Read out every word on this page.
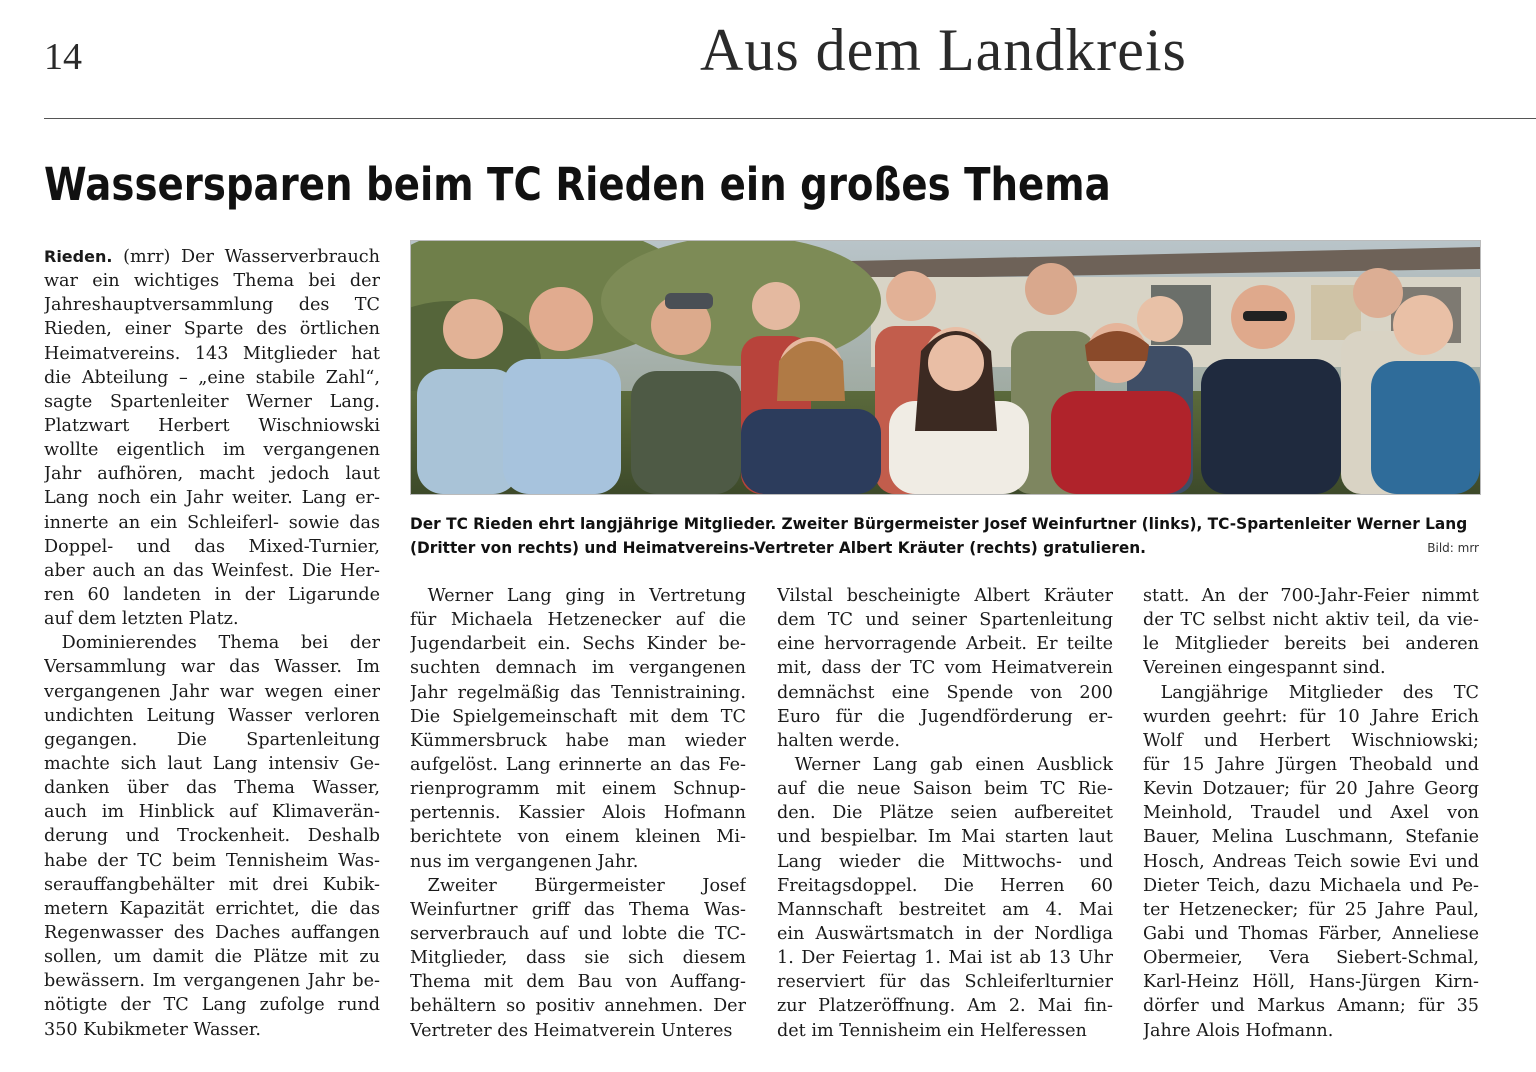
14	Aus dem Landkreis
Wassersparen beim TC Rieden ein großes Thema
Rieden. (mrr) Der Wasserverbrauch
war ein wichtiges Thema bei der
Jahreshauptversammlung des TC
Rieden, einer Sparte des örtlichen
Heimatvereins. 143 Mitglieder hat
die Abteilung – „eine stabile Zahl“,
sagte Spartenleiter Werner Lang.
Platzwart Herbert Wischniowski
wollte eigentlich im vergangenen
Jahr aufhören, macht jedoch laut
Lang noch ein Jahr weiter. Lang er-
innerte an ein Schleiferl- sowie das
Doppel- und das Mixed-Turnier,
aber auch an das Weinfest. Die Her-
ren 60 landeten in der Ligarunde
auf dem letzten Platz.
 Dominierendes Thema bei der
Versammlung war das Wasser. Im
vergangenen Jahr war wegen einer
undichten Leitung Wasser verloren
gegangen. Die Spartenleitung
machte sich laut Lang intensiv Ge-
danken über das Thema Wasser,
auch im Hinblick auf Klimaverän-
derung und Trockenheit. Deshalb
habe der TC beim Tennisheim Was-
serauffangbehälter mit drei Kubik-
metern Kapazität errichtet, die das
Regenwasser des Daches auffangen
sollen, um damit die Plätze mit zu
bewässern. Im vergangenen Jahr be-
nötigte der TC Lang zufolge rund
350 Kubikmeter Wasser.
 Werner Lang ging in Vertretung
für Michaela Hetzenecker auf die
Jugendarbeit ein. Sechs Kinder be-
suchten demnach im vergangenen
Jahr regelmäßig das Tennistraining.
Die Spielgemeinschaft mit dem TC
Kümmersbruck habe man wieder
aufgelöst. Lang erinnerte an das Fe-
rienprogramm mit einem Schnup-
pertennis. Kassier Alois Hofmann
berichtete von einem kleinen Mi-
nus im vergangenen Jahr.
 Zweiter Bürgermeister Josef
Weinfurtner griff das Thema Was-
serverbrauch auf und lobte die TC-
Mitglieder, dass sie sich diesem
Thema mit dem Bau von Auffang-
behältern so positiv annehmen. Der
Vertreter des Heimatverein Unteres
Vilstal bescheinigte Albert Kräuter
dem TC und seiner Spartenleitung
eine hervorragende Arbeit. Er teilte
mit, dass der TC vom Heimatverein
demnächst eine Spende von 200
Euro für die Jugendförderung er-
halten werde.
 Werner Lang gab einen Ausblick
auf die neue Saison beim TC Rie-
den. Die Plätze seien aufbereitet
und bespielbar. Im Mai starten laut
Lang wieder die Mittwochs- und
Freitagsdoppel. Die Herren 60
Mannschaft bestreitet am 4. Mai
ein Auswärtsmatch in der Nordliga
1. Der Feiertag 1. Mai ist ab 13 Uhr
reserviert für das Schleiferlturnier
zur Platzeröffnung. Am 2. Mai fin-
det im Tennisheim ein Helferessen
statt. An der 700-Jahr-Feier nimmt
der TC selbst nicht aktiv teil, da vie-
le Mitglieder bereits bei anderen
Vereinen eingespannt sind.
 Langjährige Mitglieder des TC
wurden geehrt: für 10 Jahre Erich
Wolf und Herbert Wischniowski;
für 15 Jahre Jürgen Theobald und
Kevin Dotzauer; für 20 Jahre Georg
Meinhold, Traudel und Axel von
Bauer, Melina Luschmann, Stefanie
Hosch, Andreas Teich sowie Evi und
Dieter Teich, dazu Michaela und Pe-
ter Hetzenecker; für 25 Jahre Paul,
Gabi und Thomas Färber, Anneliese
Obermeier, Vera Siebert-Schmal,
Karl-Heinz Höll, Hans-Jürgen Kirn-
dörfer und Markus Amann; für 35
Jahre Alois Hofmann.
Der TC Rieden ehrt langjährige Mitglieder. Zweiter Bürgermeister Josef Weinfurtner (links), TC-Spartenleiter Werner Lang
(Dritter von rechts) und Heimatvereins-Vertreter Albert Kräuter (rechts) gratulieren.	Bild: mrr
